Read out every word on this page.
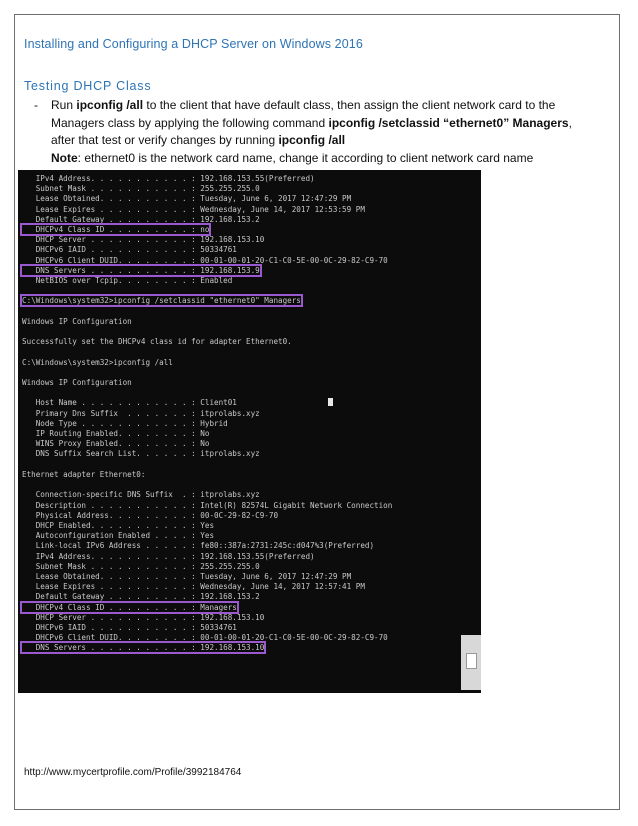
Installing and Configuring a DHCP Server on Windows 2016
Testing DHCP Class
- Run ipconfig /all to the client that have default class, then assign the client network card to the Managers class by applying the following command ipconfig /setclassid “ethernet0” Managers, after that test or verify changes by running ipconfig /all
Note: ethernet0 is the network card name, change it according to client network card name
IPv4 Address. . . . . . . . . . . : 192.168.153.55(Preferred)
Subnet Mask . . . . . . . . . . . : 255.255.255.0
Lease Obtained. . . . . . . . . . : Tuesday, June 6, 2017 12:47:29 PM
Lease Expires . . . . . . . . . . : Wednesday, June 14, 2017 12:53:59 PM
Default Gateway . . . . . . . . . : 192.168.153.2
DHCPv4 Class ID . . . . . . . . . : no
DHCP Server . . . . . . . . . . . : 192.168.153.10
DHCPv6 IAID . . . . . . . . . . . : 50334761
DHCPv6 Client DUID. . . . . . . . : 00-01-00-01-20-C1-C0-5E-00-0C-29-82-C9-70
DNS Servers . . . . . . . . . . . : 192.168.153.9
NetBIOS over Tcpip. . . . . . . . : Enabled

C:\Windows\system32>ipconfig /setclassid "ethernet0" Managers

Windows IP Configuration

Successfully set the DHCPv4 class id for adapter Ethernet0.

C:\Windows\system32>ipconfig /all

Windows IP Configuration

Host Name . . . . . . . . . . . . : Client01
Primary Dns Suffix  . . . . . . . : itprolabs.xyz
Node Type . . . . . . . . . . . . : Hybrid
IP Routing Enabled. . . . . . . . : No
WINS Proxy Enabled. . . . . . . . : No
DNS Suffix Search List. . . . . . : itprolabs.xyz

Ethernet adapter Ethernet0:

Connection-specific DNS Suffix  . : itprolabs.xyz
Description . . . . . . . . . . . : Intel(R) 82574L Gigabit Network Connection
Physical Address. . . . . . . . . : 00-0C-29-82-C9-70
DHCP Enabled. . . . . . . . . . . : Yes
Autoconfiguration Enabled . . . . : Yes
Link-local IPv6 Address . . . . . : fe80::387a:2731:245c:d047%3(Preferred)
IPv4 Address. . . . . . . . . . . : 192.168.153.55(Preferred)
Subnet Mask . . . . . . . . . . . : 255.255.255.0
Lease Obtained. . . . . . . . . . : Tuesday, June 6, 2017 12:47:29 PM
Lease Expires . . . . . . . . . . : Wednesday, June 14, 2017 12:57:41 PM
Default Gateway . . . . . . . . . : 192.168.153.2
DHCPv4 Class ID . . . . . . . . . : Managers
DHCP Server . . . . . . . . . . . : 192.168.153.10
DHCPv6 IAID . . . . . . . . . . . : 50334761
DHCPv6 Client DUID. . . . . . . . : 00-01-00-01-20-C1-C0-5E-00-0C-29-82-C9-70
DNS Servers . . . . . . . . . . . : 192.168.153.10
http://www.mycertprofile.com/Profile/3992184764
